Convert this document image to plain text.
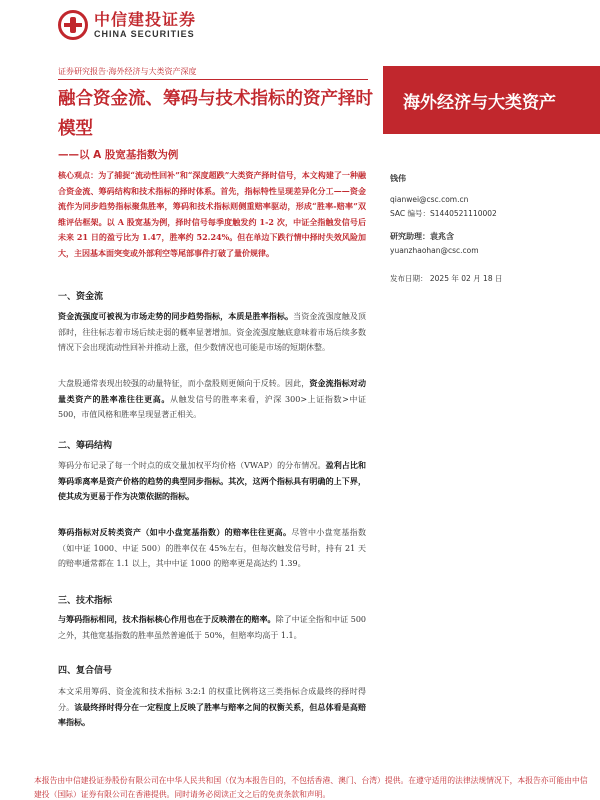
中信建投证券
CHINA SECURITIES
海外经济与大类资产
证券研究报告·海外经济与大类资产深度
融合资金流、筹码与技术指标的资产择时模型
——以 A 股宽基指数为例
核心观点：为了捕捉“流动性回补”和“深度超跌”大类资产择时信号，本文构建了一种融合资金流、筹码结构和技术指标的择时体系。首先，指标特性呈现差异化分工——资金流作为同步趋势指标聚焦胜率，筹码和技术指标则侧重赔率驱动，形成“胜率-赔率”双维评估框架。以 A 股宽基为例，择时信号每季度触发约 1-2 次，中证全指触发信号后未来 21 日的盈亏比为 1.47，胜率约 52.24%。但在单边下跌行情中择时失效风险加大，主因基本面突变或外部利空等尾部事件打破了量价规律。
一、资金流
资金流强度可被视为市场走势的同步趋势指标，本质是胜率指标。当资金流强度触及顶部时，往往标志着市场后续走弱的概率显著增加。资金流强度触底意味着市场后续多数情况下会出现流动性回补并推动上涨，但少数情况也可能是市场的短期休整。
大盘股通常表现出较强的动量特征，而小盘股则更倾向于反转。因此，资金流指标对动量类资产的胜率准往往更高。从触发信号的胜率来看，沪深 300>上证指数>中证 500，市值风格和胜率呈现显著正相关。
二、筹码结构
筹码分布记录了每一个时点的成交量加权平均价格（VWAP）的分布情况。盈利占比和筹码乖离率是资产价格的趋势的典型同步指标。其次，这两个指标具有明确的上下界，使其成为更易于作为决策依据的指标。
筹码指标对反转类资产（如中小盘宽基指数）的赔率往往更高。尽管中小盘宽基指数（如中证 1000、中证 500）的胜率仅在 45%左右，但每次触发信号时，持有 21 天的赔率通常都在 1.1 以上，其中中证 1000 的赔率更是高达约 1.39。
三、技术指标
与筹码指标相同，技术指标核心作用也在于反映潜在的赔率。除了中证全指和中证 500 之外，其他宽基指数的胜率虽然普遍低于 50%，但赔率均高于 1.1。
四、复合信号
本文采用筹码、资金流和技术指标 3:2:1 的权重比例将这三类指标合成最终的择时得分。该最终择时得分在一定程度上反映了胜率与赔率之间的权衡关系，但总体看是高赔率指标。
钱伟
qianwei@csc.com.cn
SAC 编号：S1440521110002
研究助理：袁兆含
yuanzhaohan@csc.com
发布日期： 2025 年 02 月 18 日
本报告由中信建投证券股份有限公司在中华人民共和国（仅为本报告目的，不包括香港、澳门、台湾）提供。在遵守适用的法律法规情况下，本报告亦可能由中信建投（国际）证券有限公司在香港提供。同时请务必阅读正文之后的免责条款和声明。
